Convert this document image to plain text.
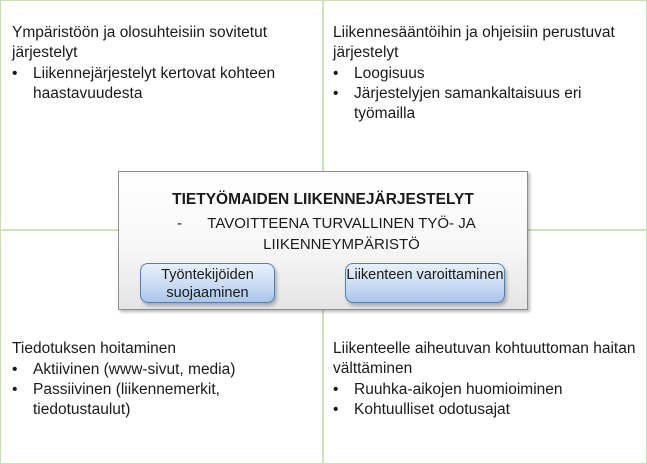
Ympäristöön ja olosuhteisiin sovitetut järjestelyt
• Liikennejärjestelyt kertovat kohteen haastavuudesta
Liikennesääntöihin ja ohjeisiin perustuvat järjestelyt
• Loogisuus
• Järjestelyjen samankaltaisuus eri työmailla
Tiedotuksen hoitaminen
• Aktiivinen (www-sivut, media)
• Passiivinen (liikennemerkit, tiedotustaulut)
Liikenteelle aiheutuvan kohtuuttoman haitan välttäminen
• Ruuhka-aikojen huomioiminen
• Kohtuulliset odotusajat
TIETYÖMAIDEN LIIKENNEJÄRJESTELYT
-	TAVOITTEENA TURVALLINEN TYÖ- JA LIIKENNEYMPÄRISTÖ
Työntekijöiden suojaaminen
Liikenteen varoittaminen
